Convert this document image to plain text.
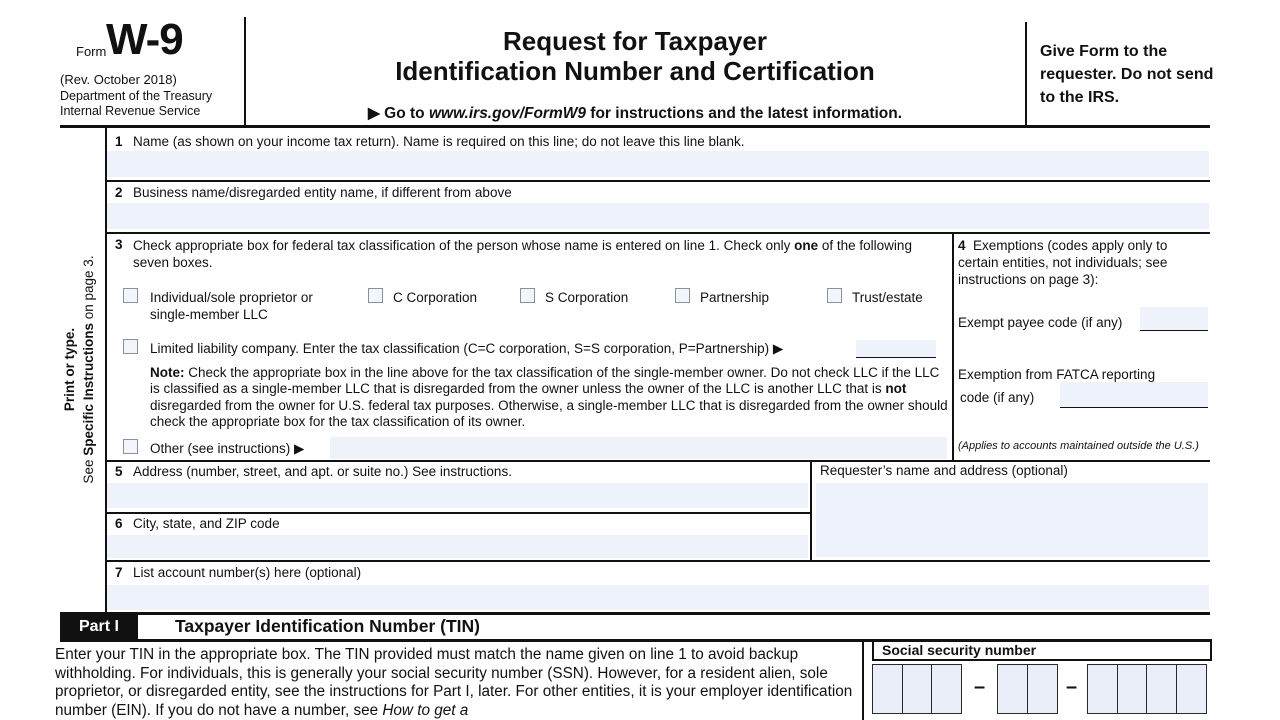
Form W-9
(Rev. October 2018)
Department of the Treasury
Internal Revenue Service
Request for Taxpayer
Identification Number and Certification
▶ Go to www.irs.gov/FormW9 for instructions and the latest information.
Give Form to the requester. Do not send to the IRS.
Print or type.
See Specific Instructions on page 3.
1 Name (as shown on your income tax return). Name is required on this line; do not leave this line blank.
2 Business name/disregarded entity name, if different from above
3 Check appropriate box for federal tax classification of the person whose name is entered on line 1. Check only one of the following seven boxes.
Individual/sole proprietor or single-member LLC
C Corporation	S Corporation	Partnership	Trust/estate
Limited liability company. Enter the tax classification (C=C corporation, S=S corporation, P=Partnership) ▶
Note: Check the appropriate box in the line above for the tax classification of the single-member owner. Do not check LLC if the LLC is classified as a single-member LLC that is disregarded from the owner unless the owner of the LLC is another LLC that is not disregarded from the owner for U.S. federal tax purposes. Otherwise, a single-member LLC that is disregarded from the owner should check the appropriate box for the tax classification of its owner.
Other (see instructions) ▶
4 Exemptions (codes apply only to certain entities, not individuals; see instructions on page 3):
Exempt payee code (if any)
Exemption from FATCA reporting
code (if any)
(Applies to accounts maintained outside the U.S.)
5 Address (number, street, and apt. or suite no.) See instructions.	Requester’s name and address (optional)
6 City, state, and ZIP code
7 List account number(s) here (optional)
Part I	Taxpayer Identification Number (TIN)
Enter your TIN in the appropriate box. The TIN provided must match the name given on line 1 to avoid backup withholding. For individuals, this is generally your social security number (SSN). However, for a resident alien, sole proprietor, or disregarded entity, see the instructions for Part I, later. For other entities, it is your employer identification number (EIN). If you do not have a number, see How to get a
Social security number
–	–
